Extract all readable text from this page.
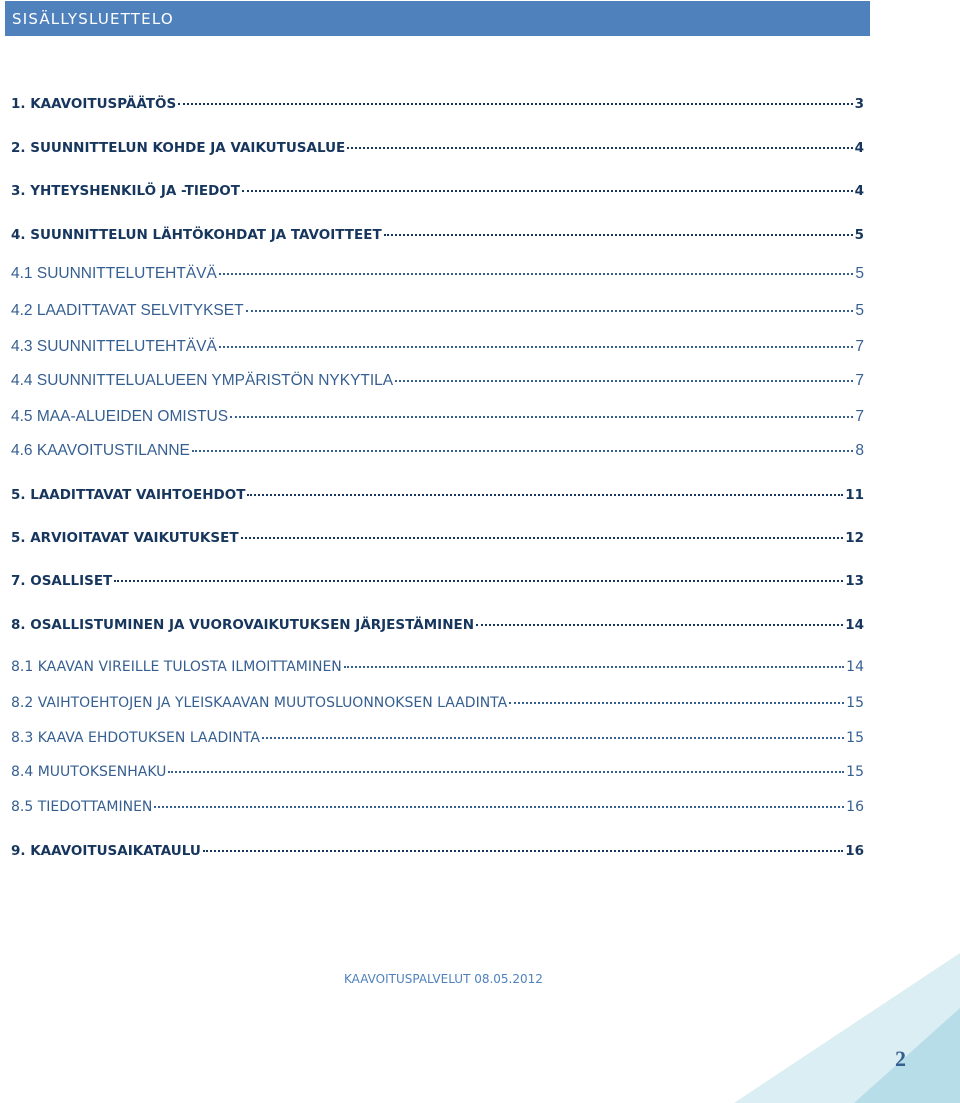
SISÄLLYSLUETTELO
1. KAAVOITUSPÄÄTÖS	3
2. SUUNNITTELUN KOHDE JA VAIKUTUSALUE	4
3. YHTEYSHENKILÖ JA -TIEDOT	4
4. SUUNNITTELUN LÄHTÖKOHDAT JA TAVOITTEET	5
4.1 SUUNNITTELUTEHTÄVÄ	5
4.2 LAADITTAVAT SELVITYKSET	5
4.3 SUUNNITTELUTEHTÄVÄ	7
4.4 SUUNNITTELUALUEEN YMPÄRISTÖN NYKYTILA	7
4.5 MAA-ALUEIDEN OMISTUS	7
4.6 KAAVOITUSTILANNE	8
5. LAADITTAVAT VAIHTOEHDOT	11
5. ARVIOITAVAT VAIKUTUKSET	12
7. OSALLISET	13
8. OSALLISTUMINEN JA VUOROVAIKUTUKSEN JÄRJESTÄMINEN	14
8.1 KAAVAN VIREILLE TULOSTA ILMOITTAMINEN	14
8.2 VAIHTOEHTOJEN JA YLEISKAAVAN MUUTOSLUONNOKSEN LAADINTA	15
8.3 KAAVA EHDOTUKSEN LAADINTA	15
8.4 MUUTOKSENHAKU	15
8.5 TIEDOTTAMINEN	16
9. KAAVOITUSAIKATAULU	16
KAAVOITUSPALVELUT 08.05.2012
2
